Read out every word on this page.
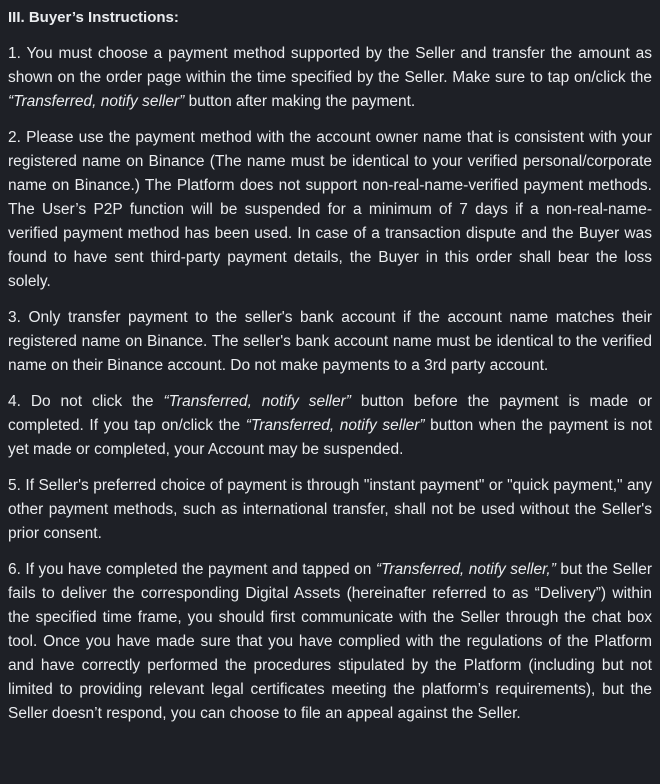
III. Buyer’s Instructions:

1. You must choose a payment method supported by the Seller and transfer the amount as shown on the order page within the time specified by the Seller. Make sure to tap on/click the “Transferred, notify seller” button after making the payment.

2. Please use the payment method with the account owner name that is consistent with your registered name on Binance (The name must be identical to your verified personal/corporate name on Binance.) The Platform does not support non-real-name-verified payment methods. The User’s P2P function will be suspended for a minimum of 7 days if a non-real-name-verified payment method has been used. In case of a transaction dispute and the Buyer was found to have sent third-party payment details, the Buyer in this order shall bear the loss solely.

3. Only transfer payment to the seller's bank account if the account name matches their registered name on Binance. The seller's bank account name must be identical to the verified name on their Binance account. Do not make payments to a 3rd party account.

4. Do not click the “Transferred, notify seller” button before the payment is made or completed. If you tap on/click the “Transferred, notify seller” button when the payment is not yet made or completed, your Account may be suspended.

5. If Seller's preferred choice of payment is through "instant payment" or "quick payment," any other payment methods, such as international transfer, shall not be used without the Seller's prior consent.

6. If you have completed the payment and tapped on “Transferred, notify seller,” but the Seller fails to deliver the corresponding Digital Assets (hereinafter referred to as “Delivery”) within the specified time frame, you should first communicate with the Seller through the chat box tool. Once you have made sure that you have complied with the regulations of the Platform and have correctly performed the procedures stipulated by the Platform (including but not limited to providing relevant legal certificates meeting the platform’s requirements), but the Seller doesn’t respond, you can choose to file an appeal against the Seller.
